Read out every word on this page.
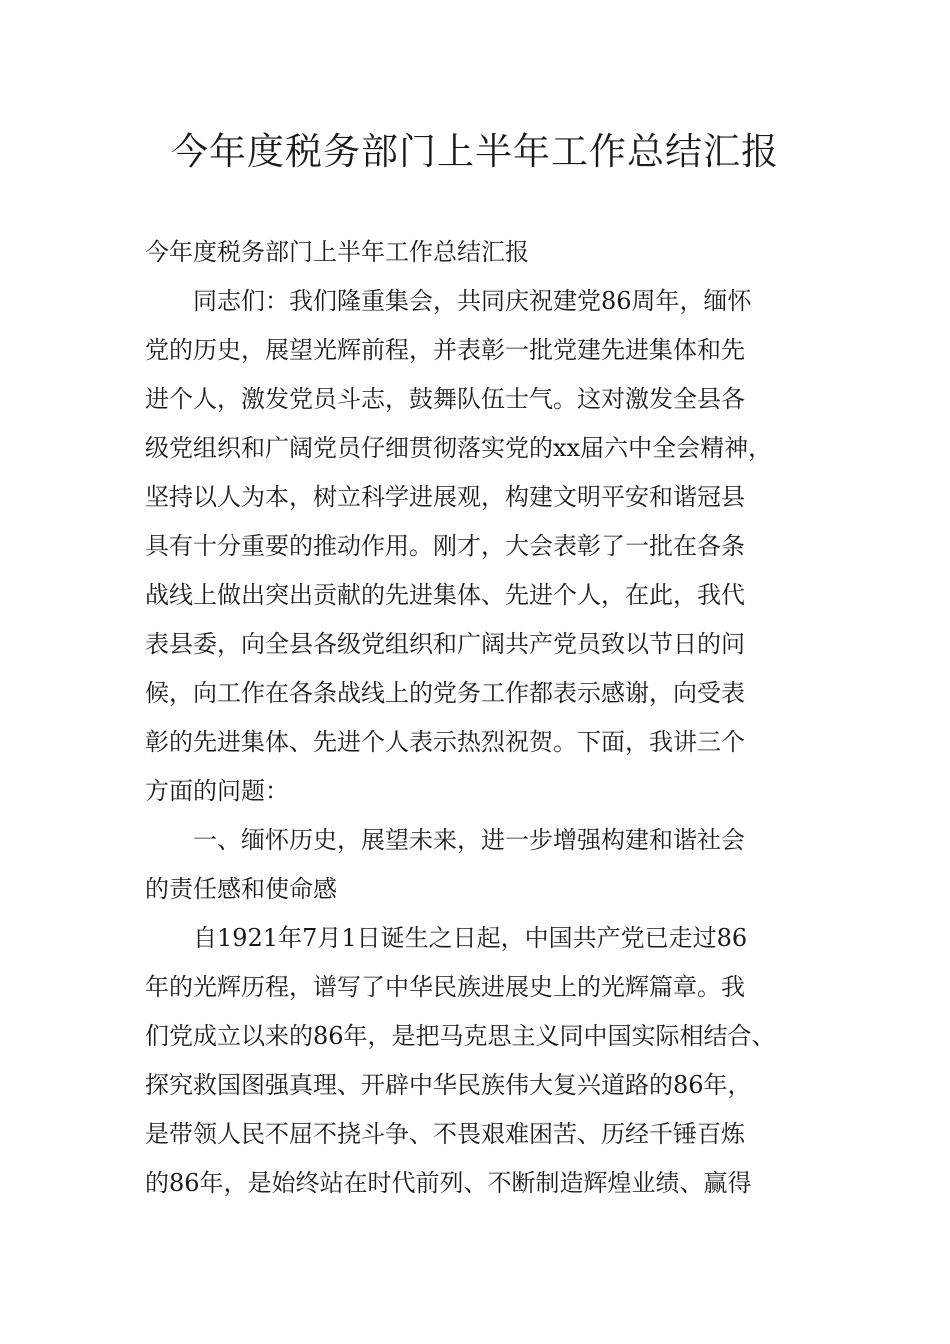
今年度税务部门上半年工作总结汇报
今年度税务部门上半年工作总结汇报
同志们：我们隆重集会，共同庆祝建党86周年，缅怀
党的历史，展望光辉前程，并表彰一批党建先进集体和先
进个人，激发党员斗志，鼓舞队伍士气。这对激发全县各
级党组织和广阔党员仔细贯彻落实党的xx届六中全会精神，
坚持以人为本，树立科学进展观，构建文明平安和谐冠县
具有十分重要的推动作用。刚才，大会表彰了一批在各条
战线上做出突出贡献的先进集体、先进个人，在此，我代
表县委，向全县各级党组织和广阔共产党员致以节日的问
候，向工作在各条战线上的党务工作都表示感谢，向受表
彰的先进集体、先进个人表示热烈祝贺。下面，我讲三个
方面的问题：
一、缅怀历史，展望未来，进一步增强构建和谐社会
的责任感和使命感
自1921年7月1日诞生之日起，中国共产党已走过86
年的光辉历程，谱写了中华民族进展史上的光辉篇章。我
们党成立以来的86年，是把马克思主义同中国实际相结合、
探究救国图强真理、开辟中华民族伟大复兴道路的86年，
是带领人民不屈不挠斗争、不畏艰难困苦、历经千锤百炼
的86年，是始终站在时代前列、不断制造辉煌业绩、赢得
